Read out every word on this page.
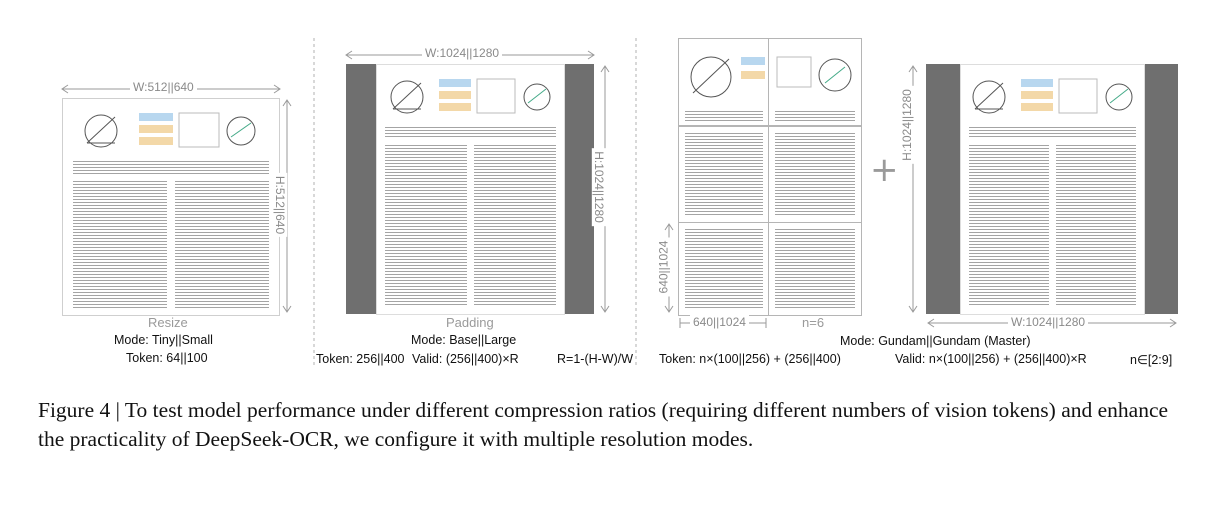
W:512||640
H:512||640
Resize
Mode: Tiny||Small
Token: 64||100
W:1024||1280
H:1024||1280
Padding
Mode: Base||Large
Token: 256||400 Valid: (256||400)×R	R=1-(H-W)/W
640||1024
640||1024	n=6
+
H:1024||1280
W:1024||1280
Mode: Gundam||Gundam (Master)
Token: n×(100||256) + (256||400)	Valid: n×(100||256) + (256||400)×R	n∈[2:9]
Figure 4 | To test model performance under different compression ratios (requiring different numbers of vision tokens) and enhance the practicality of DeepSeek-OCR, we configure it with multiple resolution modes.
